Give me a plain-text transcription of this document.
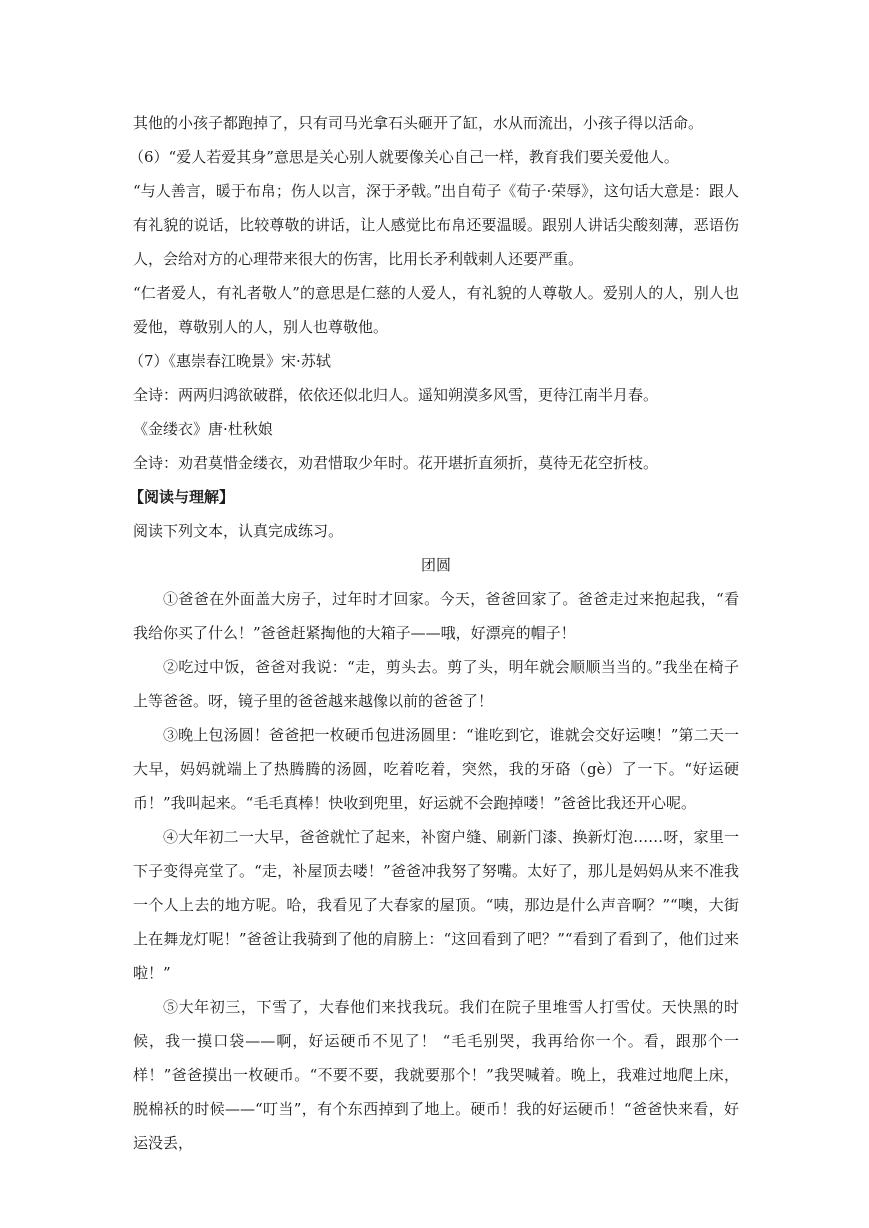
其他的小孩子都跑掉了，只有司马光拿石头砸开了缸，水从而流出，小孩子得以活命。

（6）“爱人若爱其身”意思是关心别人就要像关心自己一样，教育我们要关爱他人。

“与人善言，暖于布帛；伤人以言，深于矛戟。”出自荀子《荀子·荣辱》，这句话大意是：跟人有礼貌的说话，比较尊敬的讲话，让人感觉比布帛还要温暖。跟别人讲话尖酸刻薄，恶语伤人，会给对方的心理带来很大的伤害，比用长矛利戟刺人还要严重。

“仁者爱人，有礼者敬人”的意思是仁慈的人爱人，有礼貌的人尊敬人。爱别人的人，别人也爱他，尊敬别人的人，别人也尊敬他。

（7）《惠崇春江晚景》宋·苏轼

全诗：两两归鸿欲破群，依依还似北归人。遥知朔漠多风雪，更待江南半月春。

《金缕衣》唐·杜秋娘

全诗：劝君莫惜金缕衣，劝君惜取少年时。花开堪折直须折，莫待无花空折枝。

【阅读与理解】

阅读下列文本，认真完成练习。

团圆

①爸爸在外面盖大房子，过年时才回家。今天，爸爸回家了。爸爸走过来抱起我，“看我给你买了什么！”爸爸赶紧掏他的大箱子——哦，好漂亮的帽子！

②吃过中饭，爸爸对我说：“走，剪头去。剪了头，明年就会顺顺当当的。”我坐在椅子上等爸爸。呀，镜子里的爸爸越来越像以前的爸爸了！

③晚上包汤圆！爸爸把一枚硬币包进汤圆里：“谁吃到它，谁就会交好运噢！”第二天一大早，妈妈就端上了热腾腾的汤圆，吃着吃着，突然，我的牙硌（gè）了一下。“好运硬币！”我叫起来。“毛毛真棒！快收到兜里，好运就不会跑掉喽！”爸爸比我还开心呢。

④大年初二一大早，爸爸就忙了起来，补窗户缝、刷新门漆、换新灯泡……呀，家里一下子变得亮堂了。“走，补屋顶去喽！”爸爸冲我努了努嘴。太好了，那儿是妈妈从来不准我一个人上去的地方呢。哈，我看见了大春家的屋顶。“咦，那边是什么声音啊？”“噢，大街上在舞龙灯呢！”爸爸让我骑到了他的肩膀上：“这回看到了吧？”“看到了看到了，他们过来啦！”

⑤大年初三，下雪了，大春他们来找我玩。我们在院子里堆雪人打雪仗。天快黑的时候，我一摸口袋——啊，好运硬币不见了！ “毛毛别哭，我再给你一个。看，跟那个一样！”爸爸摸出一枚硬币。“不要不要，我就要那个！”我哭喊着。晚上，我难过地爬上床，脱棉袄的时候——“叮当”，有个东西掉到了地上。硬币！我的好运硬币！“爸爸快来看，好运没丢，
